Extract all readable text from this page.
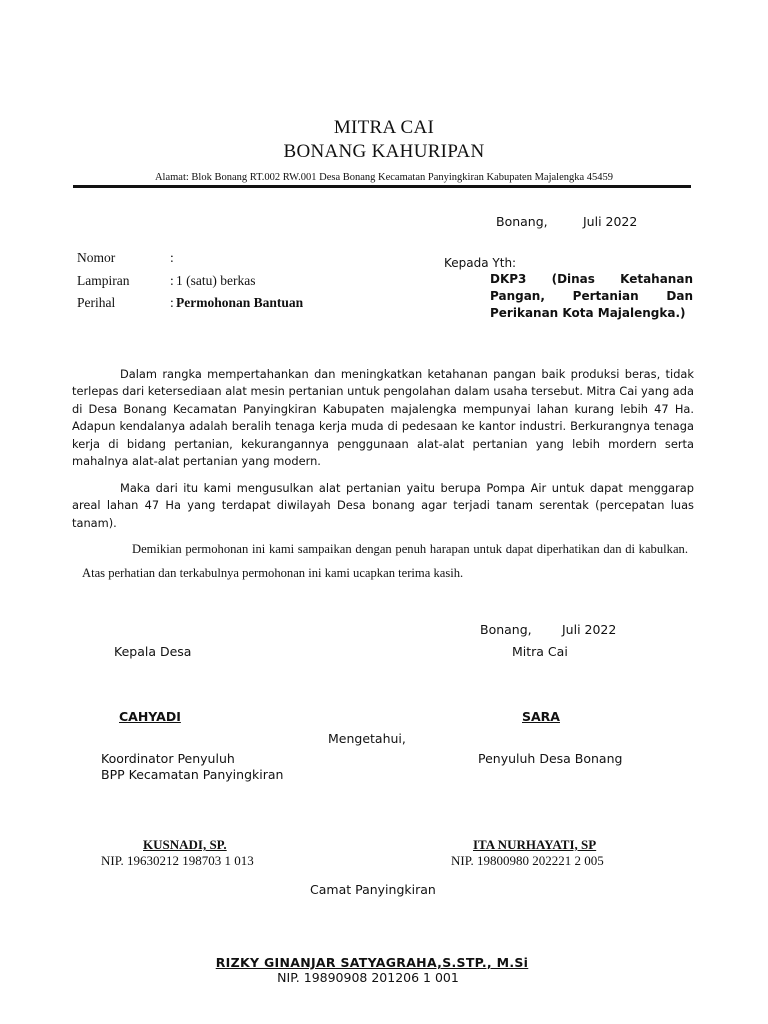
MITRA CAI
BONANG KAHURIPAN
Alamat: Blok Bonang RT.002 RW.001 Desa Bonang Kecamatan Panyingkiran Kabupaten Majalengka 45459
Bonang,	Juli 2022
Nomor	:
Lampiran	: 1 (satu) berkas
Perihal	: Permohonan Bantuan
Kepada Yth:
DKP3 (Dinas Ketahanan
Pangan, Pertanian Dan
Perikanan Kota Majalengka.)
Dalam rangka mempertahankan dan meningkatkan ketahanan pangan baik produksi beras, tidak terlepas dari ketersediaan alat mesin pertanian untuk pengolahan dalam usaha tersebut. Mitra Cai yang ada di Desa Bonang Kecamatan Panyingkiran Kabupaten majalengka mempunyai lahan kurang lebih 47 Ha. Adapun kendalanya adalah beralih tenaga kerja muda di pedesaan ke kantor industri. Berkurangnya tenaga kerja di bidang pertanian, kekurangannya penggunaan alat-alat pertanian yang lebih mordern serta mahalnya alat-alat pertanian yang modern.
Maka dari itu kami mengusulkan alat pertanian yaitu berupa Pompa Air untuk dapat menggarap areal lahan 47 Ha yang terdapat diwilayah Desa bonang agar terjadi tanam serentak (percepatan luas tanam).
Demikian permohonan ini kami sampaikan dengan penuh harapan untuk dapat diperhatikan dan di kabulkan. Atas perhatian dan terkabulnya permohonan ini kami ucapkan terima kasih.
Bonang, Juli 2022
Kepala Desa	Mitra Cai
CAHYADI	SARA
Mengetahui,
Koordinator Penyuluh
BPP Kecamatan Panyingkiran
Penyuluh Desa Bonang
KUSNADI, SP.
NIP. 19630212 198703 1 013
ITA NURHAYATI, SP
NIP. 19800980 202221 2 005
Camat Panyingkiran
RIZKY GINANJAR SATYAGRAHA,S.STP., M.Si
NIP. 19890908 201206 1 001
